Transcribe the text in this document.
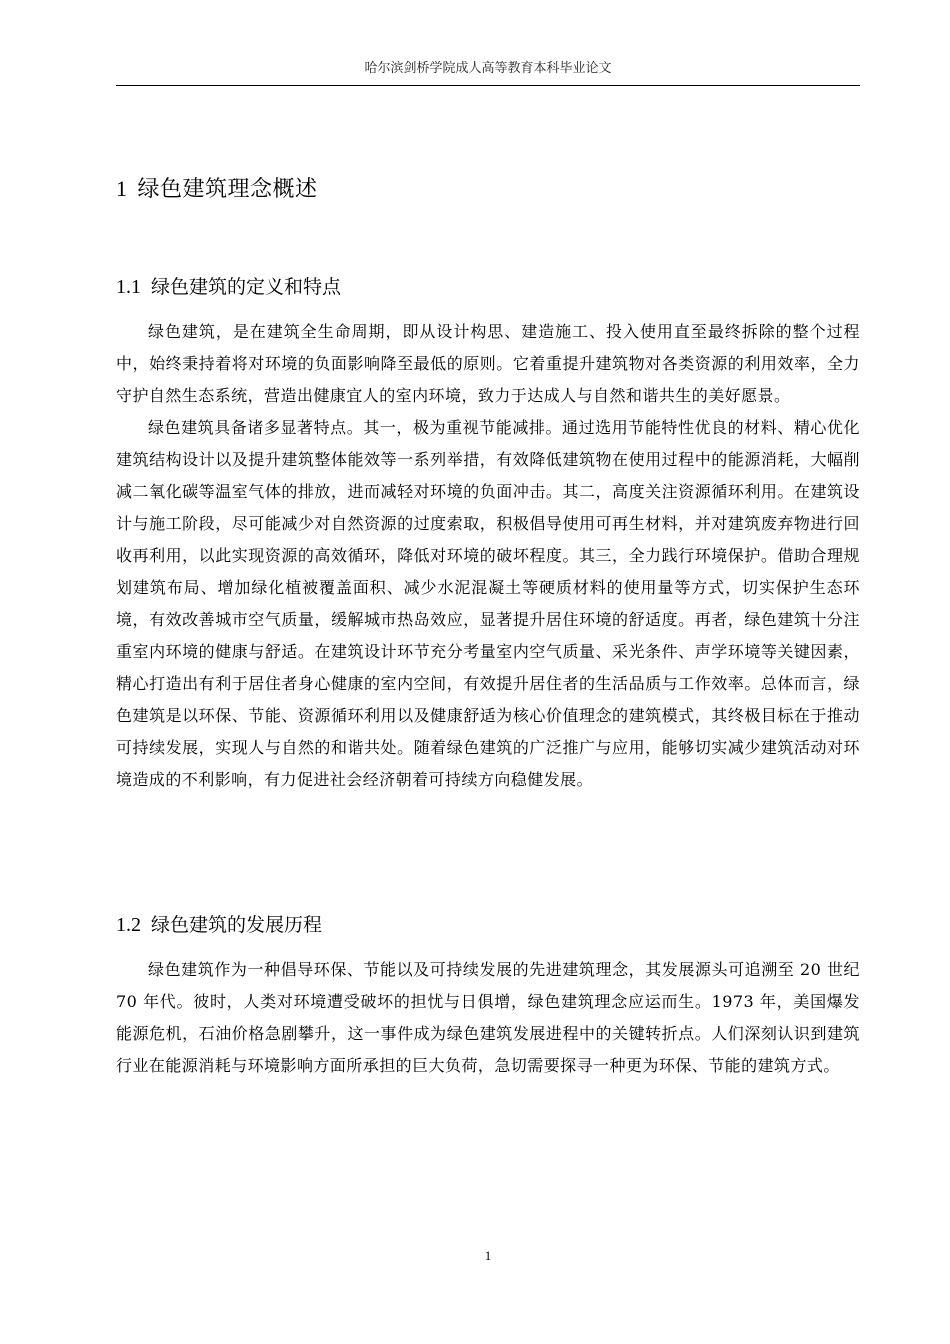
哈尔滨剑桥学院成人高等教育本科毕业论文
1 绿色建筑理念概述
1.1 绿色建筑的定义和特点

绿色建筑，是在建筑全生命周期，即从设计构思、建造施工、投入使用直至最终拆除的整个过程中，始终秉持着将对环境的负面影响降至最低的原则。它着重提升建筑物对各类资源的利用效率，全力守护自然生态系统，营造出健康宜人的室内环境，致力于达成人与自然和谐共生的美好愿景。

绿色建筑具备诸多显著特点。其一，极为重视节能减排。通过选用节能特性优良的材料、精心优化建筑结构设计以及提升建筑整体能效等一系列举措，有效降低建筑物在使用过程中的能源消耗，大幅削减二氧化碳等温室气体的排放，进而减轻对环境的负面冲击。其二，高度关注资源循环利用。在建筑设计与施工阶段，尽可能减少对自然资源的过度索取，积极倡导使用可再生材料，并对建筑废弃物进行回收再利用，以此实现资源的高效循环，降低对环境的破坏程度。其三，全力践行环境保护。借助合理规划建筑布局、增加绿化植被覆盖面积、减少水泥混凝土等硬质材料的使用量等方式，切实保护生态环境，有效改善城市空气质量，缓解城市热岛效应，显著提升居住环境的舒适度。再者，绿色建筑十分注重室内环境的健康与舒适。在建筑设计环节充分考量室内空气质量、采光条件、声学环境等关键因素，精心打造出有利于居住者身心健康的室内空间，有效提升居住者的生活品质与工作效率。总体而言，绿色建筑是以环保、节能、资源循环利用以及健康舒适为核心价值理念的建筑模式，其终极目标在于推动可持续发展，实现人与自然的和谐共处。随着绿色建筑的广泛推广与应用，能够切实减少建筑活动对环境造成的不利影响，有力促进社会经济朝着可持续方向稳健发展。

1.2 绿色建筑的发展历程

绿色建筑作为一种倡导环保、节能以及可持续发展的先进建筑理念，其发展源头可追溯至 20 世纪 70 年代。彼时，人类对环境遭受破坏的担忧与日俱增，绿色建筑理念应运而生。1973 年，美国爆发能源危机，石油价格急剧攀升，这一事件成为绿色建筑发展进程中的关键转折点。人们深刻认识到建筑行业在能源消耗与环境影响方面所承担的巨大负荷，急切需要探寻一种更为环保、节能的建筑方式。

1
